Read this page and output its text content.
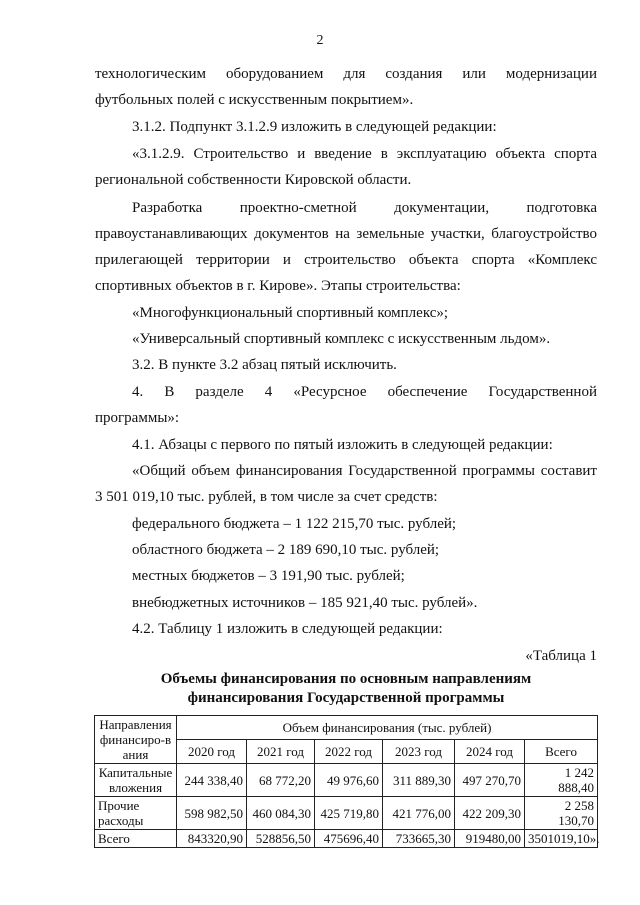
2
технологическим оборудованием для создания или модернизации
футбольных полей с искусственным покрытием».
3.1.2. Подпункт 3.1.2.9 изложить в следующей редакции:
«3.1.2.9. Строительство и введение в эксплуатацию объекта спорта
региональной собственности Кировской области.
Разработка проектно-сметной документации, подготовка
правоустанавливающих документов на земельные участки, благоустройство
прилегающей территории и строительство объекта спорта «Комплекс
спортивных объектов в г. Кирове». Этапы строительства:
«Многофункциональный спортивный комплекс»;
«Универсальный спортивный комплекс с искусственным льдом».
3.2. В пункте 3.2 абзац пятый исключить.
4. В разделе 4 «Ресурсное обеспечение Государственной
программы»:
4.1. Абзацы с первого по пятый изложить в следующей редакции:
«Общий объем финансирования Государственной программы составит
3 501 019,10 тыс. рублей, в том числе за счет средств:
федерального бюджета – 1 122 215,70 тыс. рублей;
областного бюджета – 2 189 690,10 тыс. рублей;
местных бюджетов – 3 191,90 тыс. рублей;
внебюджетных источников – 185 921,40 тыс. рублей».
4.2. Таблицу 1 изложить в следующей редакции:
«Таблица 1
Объемы финансирования по основным направлениям
финансирования Государственной программы
Направления финансиро-вания	Объем финансирования (тыс. рублей)					
	2020 год	2021 год	2022 год	2023 год	2024 год	Всего
Капитальные вложения	244 338,40	68 772,20	49 976,60	311 889,30	497 270,70	1 242 888,40
Прочие расходы	598 982,50	460 084,30	425 719,80	421 776,00	422 209,30	2 258 130,70
Всего	843320,90	528856,50	475696,40	733665,30	919480,00	3501019,10».
